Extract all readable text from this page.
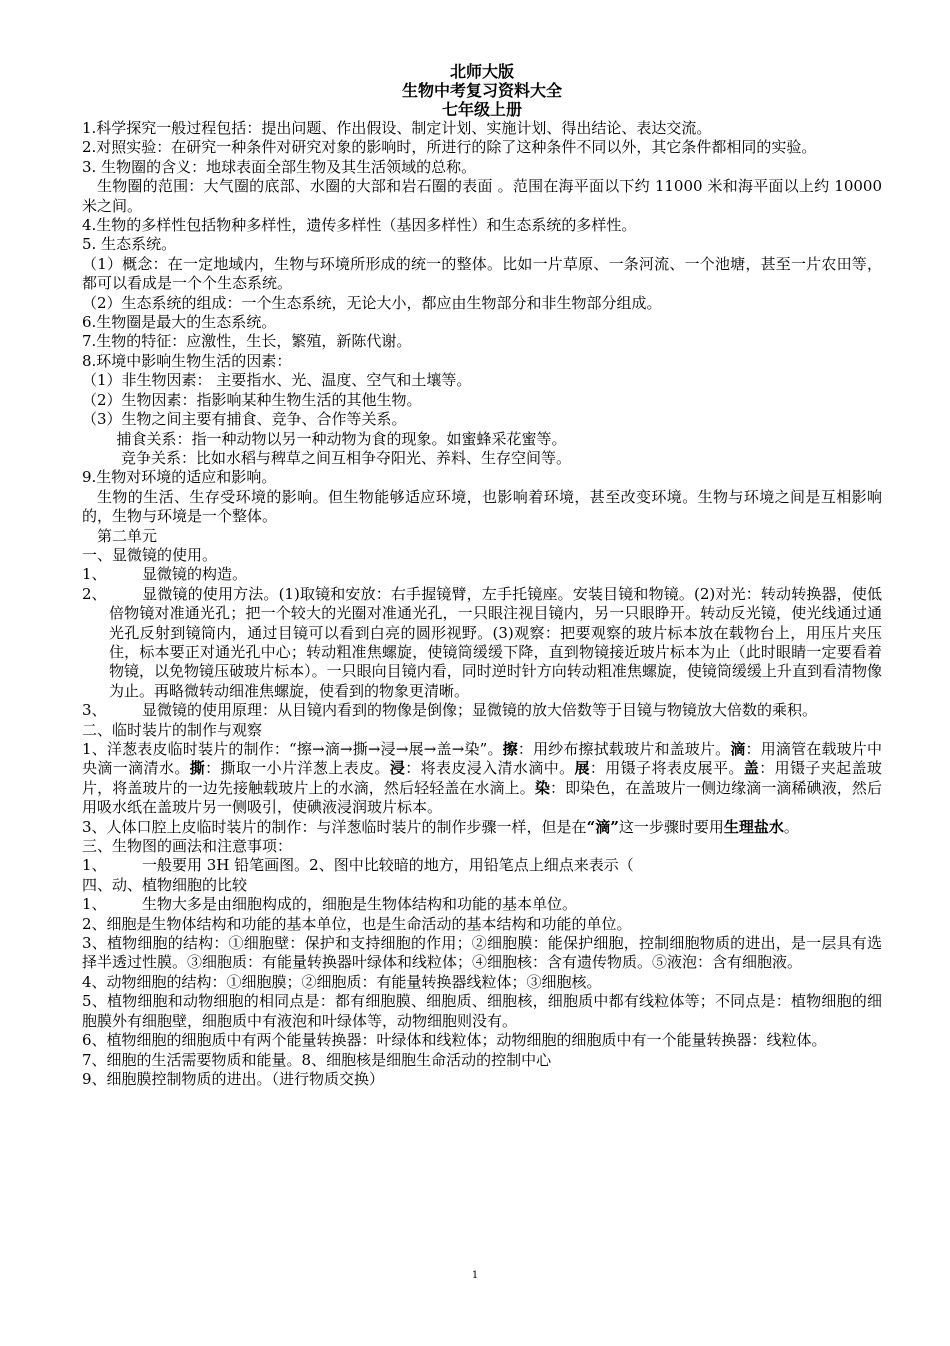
北师大版
生物中考复习资料大全
七年级上册

1.科学探究一般过程包括：提出问题、作出假设、制定计划、实施计划、得出结论、表达交流。

2.对照实验：在研究一种条件对研究对象的影响时，所进行的除了这种条件不同以外，其它条件都相同的实验。

3. 生物圈的含义：地球表面全部生物及其生活领域的总称。

生物圈的范围：大气圈的底部、水圈的大部和岩石圈的表面 。范围在海平面以下约 11000 米和海平面以上约 10000 米之间。

4.生物的多样性包括物种多样性，遗传多样性（基因多样性）和生态系统的多样性。

5. 生态系统。

（1）概念：在一定地域内，生物与环境所形成的统一的整体。比如一片草原、一条河流、一个池塘，甚至一片农田等，都可以看成是一个个生态系统。

（2）生态系统的组成：一个生态系统，无论大小，都应由生物部分和非生物部分组成。

6.生物圈是最大的生态系统。

7.生物的特征：应激性，生长，繁殖，新陈代谢。

8.环境中影响生物生活的因素：

（1）非生物因素： 主要指水、光、温度、空气和土壤等。

（2）生物因素：指影响某种生物生活的其他生物。

（3）生物之间主要有捕食、竞争、合作等关系。

捕食关系：指一种动物以另一种动物为食的现象。如蜜蜂采花蜜等。

竞争关系：比如水稻与稗草之间互相争夺阳光、养料、生存空间等。

9.生物对环境的适应和影响。

生物的生活、生存受环境的影响。但生物能够适应环境，也影响着环境，甚至改变环境。生物与环境之间是互相影响的，生物与环境是一个整体。

第二单元

一、显微镜的使用。

1、 显微镜的构造。

2、 显微镜的使用方法。(1)取镜和安放：右手握镜臂，左手托镜座。安装目镜和物镜。(2)对光：转动转换器，使低倍物镜对准通光孔；把一个较大的光圈对准通光孔，一只眼注视目镜内，另一只眼睁开。转动反光镜，使光线通过通光孔反射到镜筒内，通过目镜可以看到白亮的圆形视野。(3)观察：把要观察的玻片标本放在载物台上，用压片夹压住，标本要正对通光孔中心；转动粗准焦螺旋，使镜筒缓缓下降，直到物镜接近玻片标本为止（此时眼睛一定要看着物镜，以免物镜压破玻片标本）。一只眼向目镜内看，同时逆时针方向转动粗准焦螺旋，使镜筒缓缓上升直到看清物像为止。再略微转动细准焦螺旋，使看到的物象更清晰。

3、 显微镜的使用原理：从目镜内看到的物像是倒像；显微镜的放大倍数等于目镜与物镜放大倍数的乘积。

二、临时装片的制作与观察

1、洋葱表皮临时装片的制作：“擦→滴→撕→浸→展→盖→染”。擦：用纱布擦拭载玻片和盖玻片。滴：用滴管在载玻片中央滴一滴清水。撕：撕取一小片洋葱上表皮。浸：将表皮浸入清水滴中。展：用镊子将表皮展平。盖：用镊子夹起盖玻片，将盖玻片的一边先接触载玻片上的水滴，然后轻轻盖在水滴上。染：即染色，在盖玻片一侧边缘滴一滴稀碘液，然后用吸水纸在盖玻片另一侧吸引，使碘液浸润玻片标本。

3、人体口腔上皮临时装片的制作：与洋葱临时装片的制作步骤一样，但是在“滴”这一步骤时要用生理盐水。

三、生物图的画法和注意事项：

1、 一般要用 3H 铅笔画图。2、图中比较暗的地方，用铅笔点上细点来表示（

四、动、植物细胞的比较

1、 生物大多是由细胞构成的，细胞是生物体结构和功能的基本单位。

2、细胞是生物体结构和功能的基本单位，也是生命活动的基本结构和功能的单位。

3、植物细胞的结构：①细胞壁：保护和支持细胞的作用；②细胞膜：能保护细胞，控制细胞物质的进出，是一层具有选择半透过性膜。③细胞质：有能量转换器叶绿体和线粒体；④细胞核：含有遗传物质。⑤液泡：含有细胞液。

4、动物细胞的结构：①细胞膜；②细胞质：有能量转换器线粒体；③细胞核。

5、植物细胞和动物细胞的相同点是：都有细胞膜、细胞质、细胞核，细胞质中都有线粒体等；不同点是：植物细胞的细胞膜外有细胞壁，细胞质中有液泡和叶绿体等，动物细胞则没有。

6、植物细胞的细胞质中有两个能量转换器：叶绿体和线粒体；动物细胞的细胞质中有一个能量转换器：线粒体。

7、细胞的生活需要物质和能量。8、细胞核是细胞生命活动的控制中心

9、细胞膜控制物质的进出。（进行物质交换）

1
